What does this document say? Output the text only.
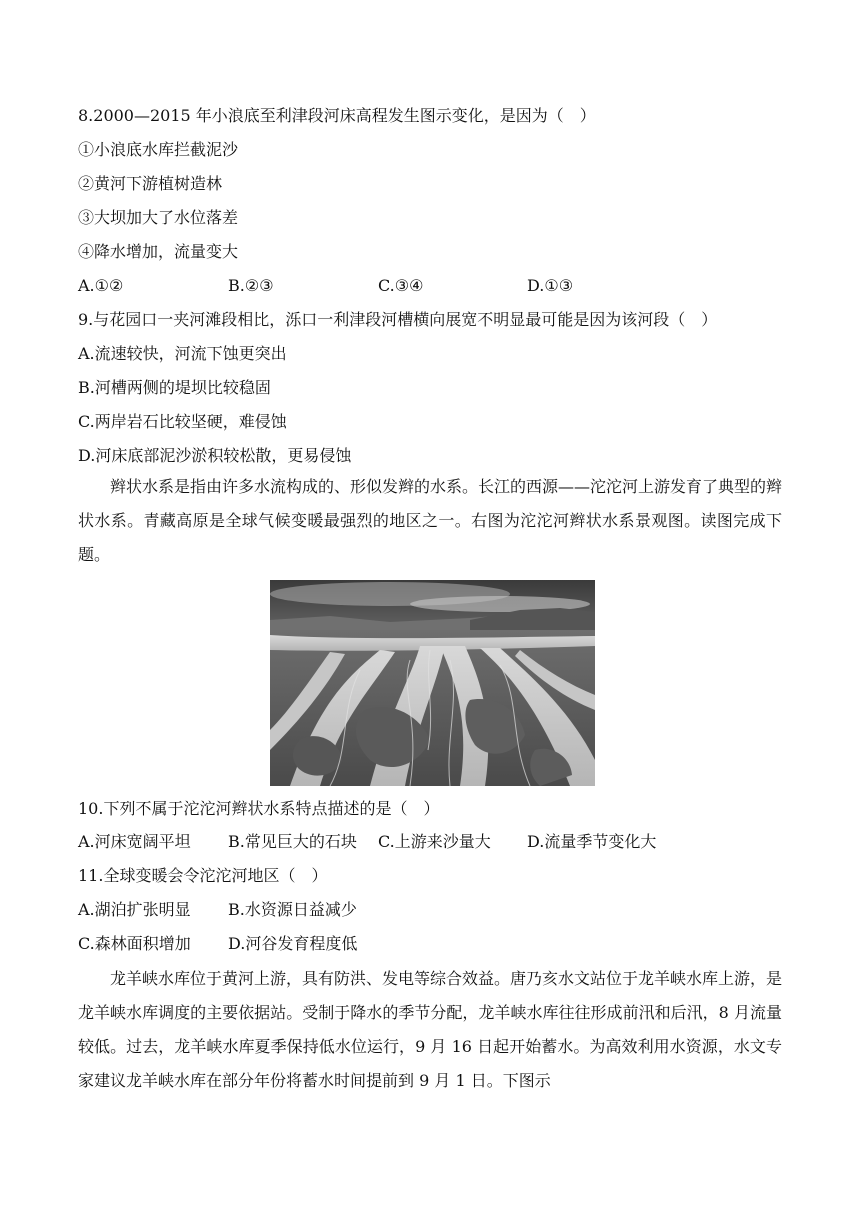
8.2000—2015 年小浪底至利津段河床高程发生图示变化，是因为（　）
①小浪底水库拦截泥沙
②黄河下游植树造林
③大坝加大了水位落差
④降水增加，流量变大
A.①②	B.②③	C.③④	D.①③
9.与花园口一夹河滩段相比，泺口一利津段河槽横向展宽不明显最可能是因为该河段（　）
A.流速较快，河流下蚀更突出
B.河槽两侧的堤坝比较稳固
C.两岸岩石比较坚硬，难侵蚀
D.河床底部泥沙淤积较松散，更易侵蚀
辫状水系是指由许多水流构成的、形似发辫的水系。长江的西源——沱沱河上游发育了典型的辫状水系。青藏高原是全球气候变暖最强烈的地区之一。右图为沱沱河辫状水系景观图。读图完成下题。
10.下列不属于沱沱河辫状水系特点描述的是（　）
A.河床宽阔平坦 B.常见巨大的石块 C.上游来沙量大 D.流量季节变化大
11.全球变暖会令沱沱河地区（　）
A.湖泊扩张明显 B.水资源日益减少
C.森林面积增加 D.河谷发育程度低
龙羊峡水库位于黄河上游，具有防洪、发电等综合效益。唐乃亥水文站位于龙羊峡水库上游，是龙羊峡水库调度的主要依据站。受制于降水的季节分配，龙羊峡水库往往形成前汛和后汛，8 月流量较低。过去，龙羊峡水库夏季保持低水位运行，9 月 16 日起开始蓄水。为高效利用水资源，水文专家建议龙羊峡水库在部分年份将蓄水时间提前到 9 月 1 日。下图示
